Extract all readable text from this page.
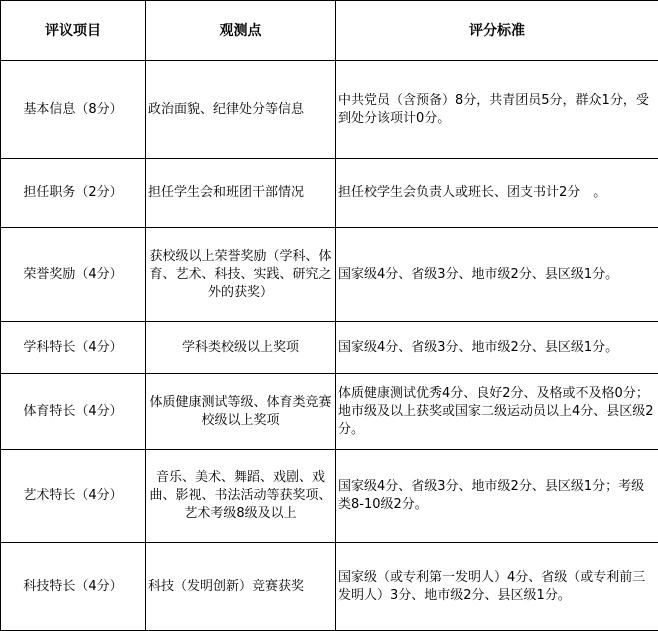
评议项目	观测点	评分标准
基本信息（8分）	政治面貌、纪律处分等信息	中共党员（含预备）8分，共青团员5分，群众1分，受到处分该项计0分。
担任职务（2分）	担任学生会和班团干部情况	担任校学生会负责人或班长、团支书计2分　。
荣誉奖励（4分）	获校级以上荣誉奖励（学科、体育、艺术、科技、实践、研究之外的获奖）	国家级4分、省级3分、地市级2分、县区级1分。
学科特长（4分）	学科类校级以上奖项	国家级4分、省级3分、地市级2分、县区级1分。
体育特长（4分）	体质健康测试等级、体育类竞赛校级以上奖项	体质健康测试优秀4分、良好2分、及格或不及格0分；地市级及以上获奖或国家二级运动员以上4分、县区级2分。
艺术特长（4分）	音乐、美术、舞蹈、戏剧、戏曲、影视、书法活动等获奖项、艺术考级8级及以上	国家级4分、省级3分、地市级2分、县区级1分；考级类8-10级2分。
科技特长（4分）	科技（发明创新）竞赛获奖	国家级（或专利第一发明人）4分、省级（或专利前三发明人）3分、地市级2分、县区级1分。
